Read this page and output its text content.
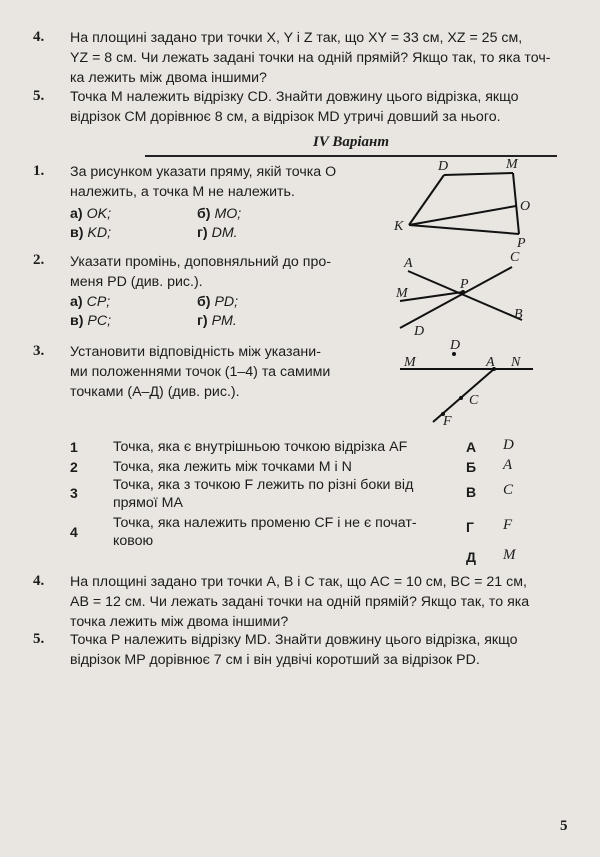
4. На площині задано три точки X, Y і Z так, що XY = 33 см, XZ = 25 см,
YZ = 8 см. Чи лежать задані точки на одній прямій? Якщо так, то яка точ-
ка лежить між двома іншими?
5. Точка M належить відрізку CD. Знайти довжину цього відрізка, якщо
відрізок CM дорівнює 8 см, а відрізок MD утричі довший за нього.
IV Варіант
1. За рисунком указати пряму, якій точка O
належить, а точка M не належить.
а) OK;	б) MO;
в) KD;	г) DM.
D	M
O
K
P
2. Указати промінь, доповняльний до про-
меня PD (див. рис.).
а) CP;	б) PD;
в) PC;	г) PM.
A	C
M
P
D
B
3. Установити відповідність між указани-
ми положеннями точок (1–4) та самими
точками (А–Д) (див. рис.).
D
M	A N
C
F
1 Точка, яка є внутрішньою точкою відрізка AF
2 Точка, яка лежить між точками M і N
3 Точка, яка з точкою F лежить по різні боки від
прямої MA
4
Точка, яка належить променю CF і не є почат-
ковою
А D
Б A
В C
Г F
Д M
4. На площині задано три точки A, B і C так, що AC = 10 см, BC = 21 см,
AB = 12 см. Чи лежать задані точки на одній прямій? Якщо так, то яка
точка лежить між двома іншими?
5. Точка P належить відрізку MD. Знайти довжину цього відрізка, якщо
відрізок MP дорівнює 7 см і він удвічі коротший за відрізок PD.
5
